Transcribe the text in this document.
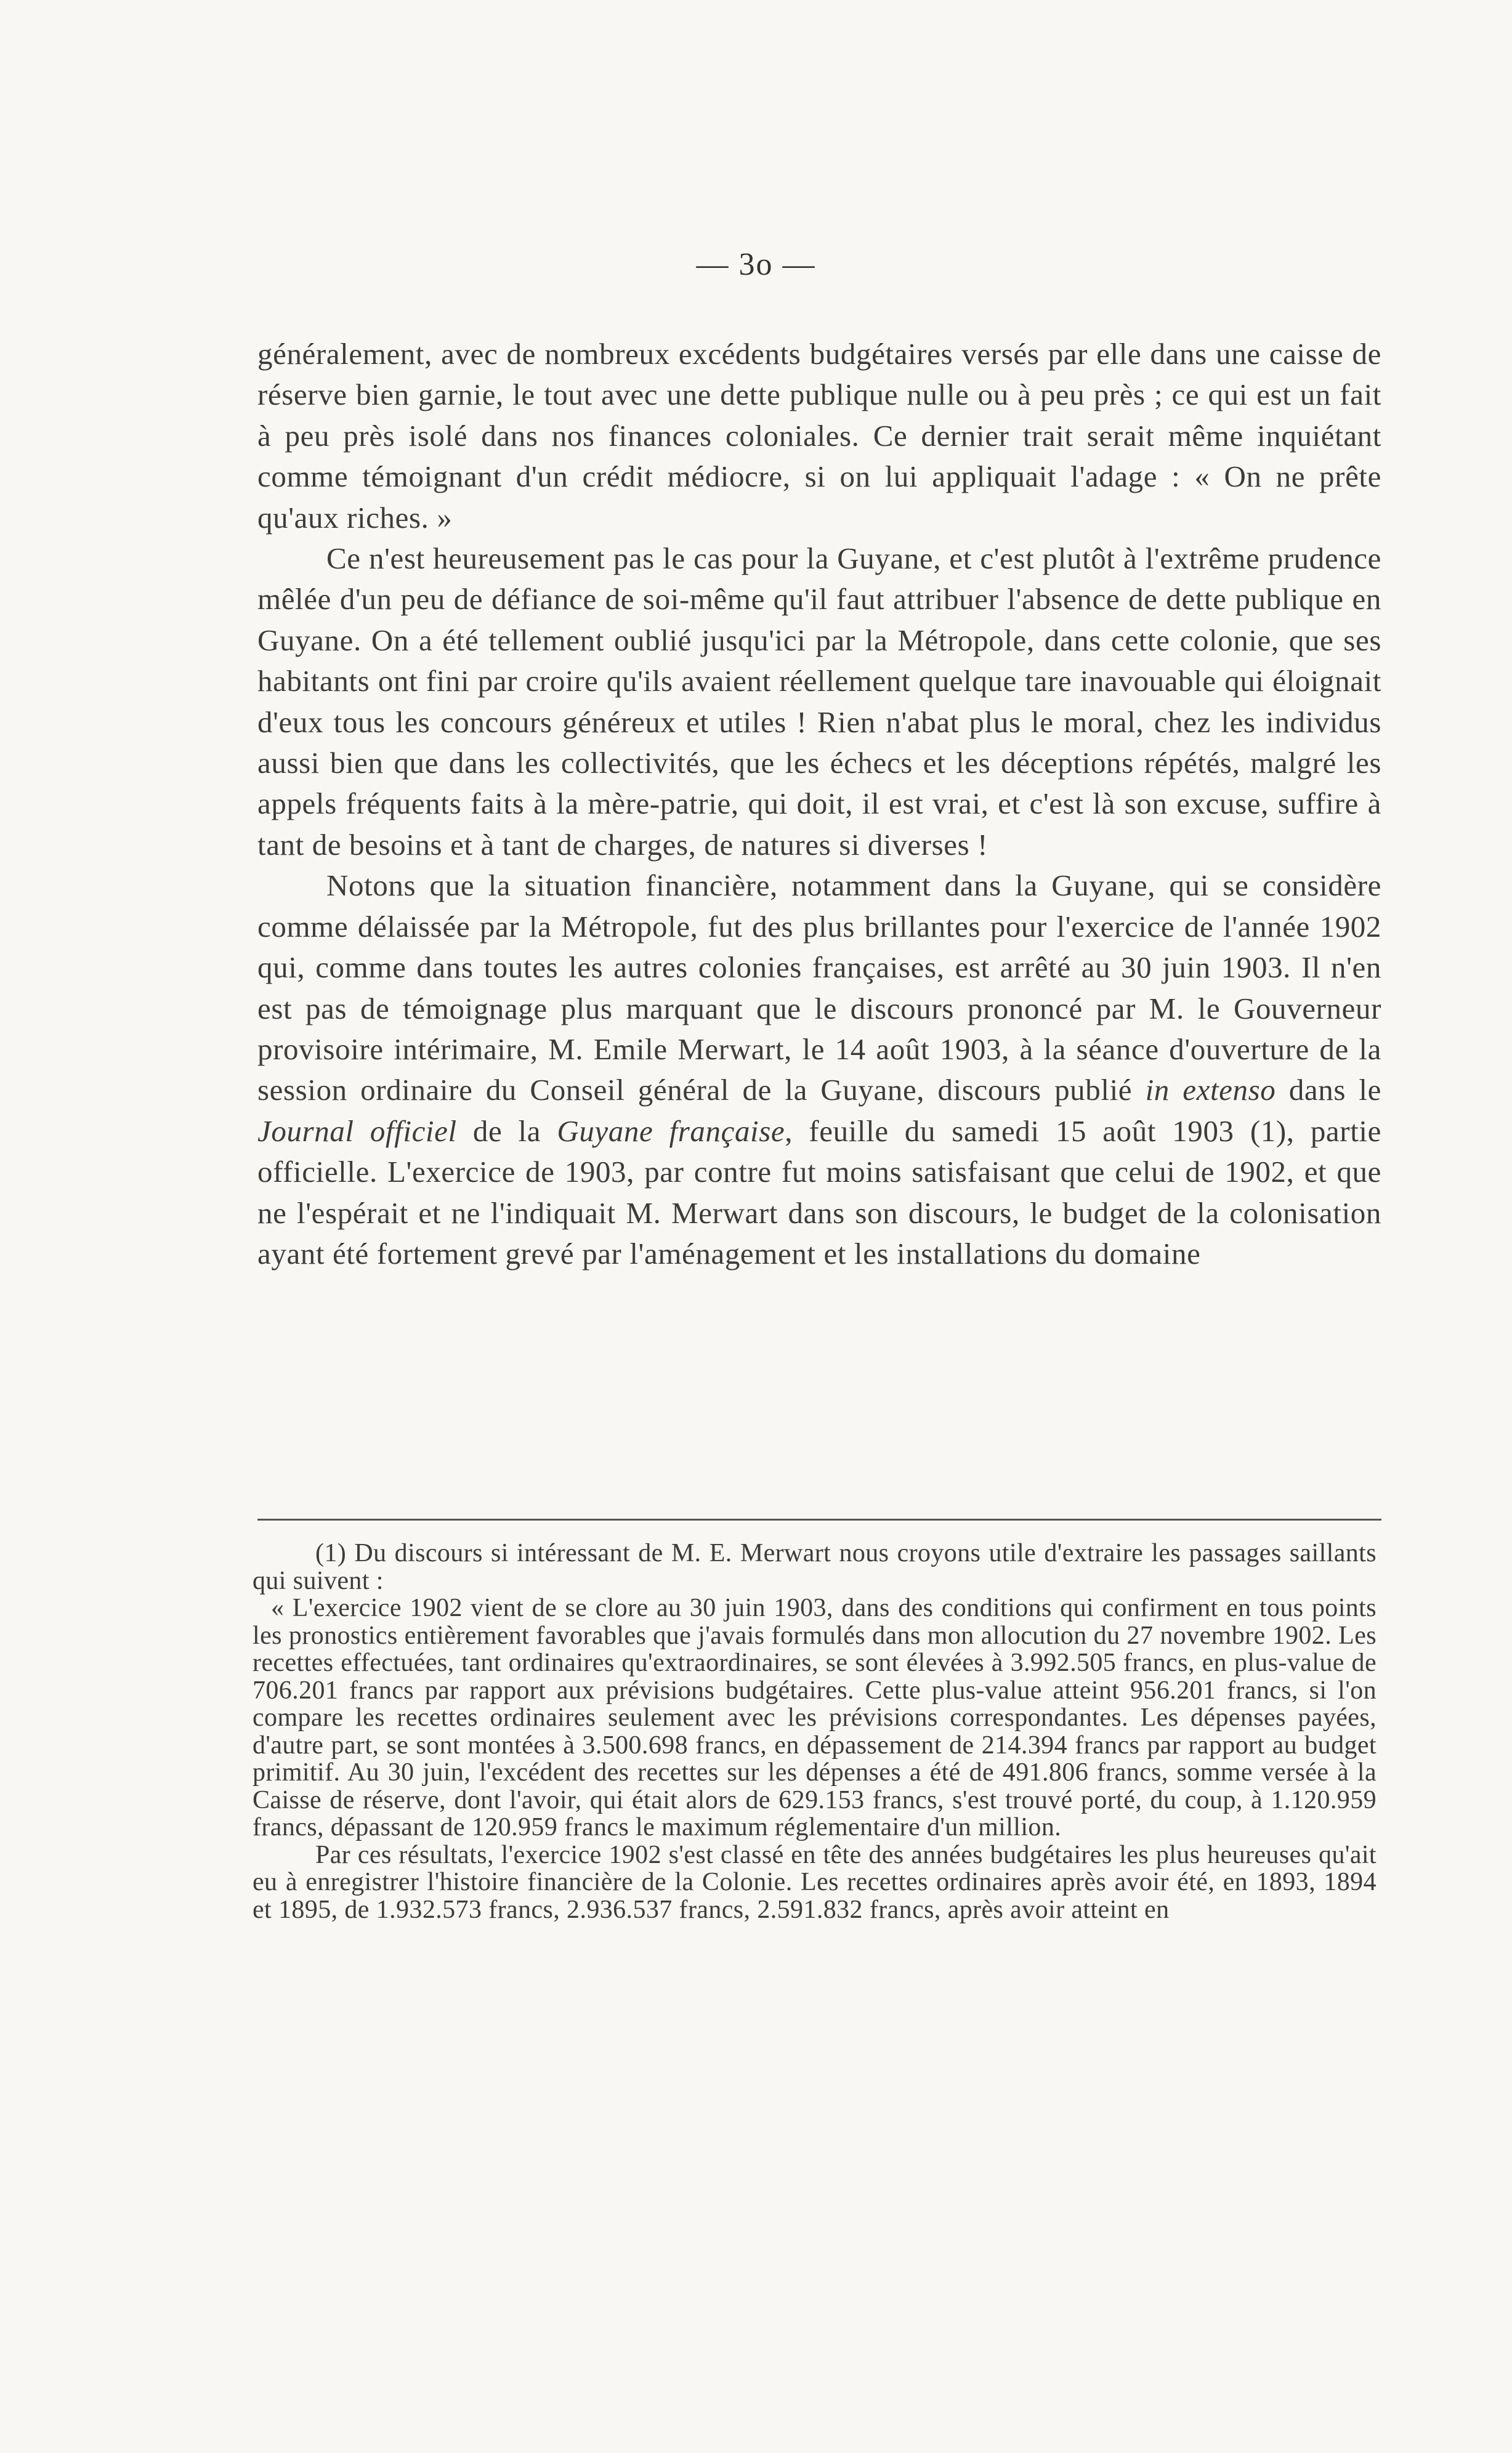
— 3o —

généralement, avec de nombreux excédents budgétaires versés par elle dans une caisse de réserve bien garnie, le tout avec une dette publique nulle ou à peu près ; ce qui est un fait à peu près isolé dans nos finances coloniales. Ce dernier trait serait même inquiétant comme témoignant d'un crédit médiocre, si on lui appliquait l'adage : « On ne prête qu'aux riches. »

Ce n'est heureusement pas le cas pour la Guyane, et c'est plutôt à l'extrême prudence mêlée d'un peu de défiance de soi-même qu'il faut attribuer l'absence de dette publique en Guyane. On a été tellement oublié jusqu'ici par la Métropole, dans cette colonie, que ses habitants ont fini par croire qu'ils avaient réellement quelque tare inavouable qui éloignait d'eux tous les concours généreux et utiles ! Rien n'abat plus le moral, chez les individus aussi bien que dans les collectivités, que les échecs et les déceptions répétés, malgré les appels fréquents faits à la mère-patrie, qui doit, il est vrai, et c'est là son excuse, suffire à tant de besoins et à tant de charges, de natures si diverses !

Notons que la situation financière, notamment dans la Guyane, qui se considère comme délaissée par la Métropole, fut des plus brillantes pour l'exercice de l'année 1902 qui, comme dans toutes les autres colonies françaises, est arrêté au 30 juin 1903. Il n'en est pas de témoignage plus marquant que le discours prononcé par M. le Gouverneur provisoire intérimaire, M. Emile Merwart, le 14 août 1903, à la séance d'ouverture de la session ordinaire du Conseil général de la Guyane, discours publié in extenso dans le Journal officiel de la Guyane française, feuille du samedi 15 août 1903 (1), partie officielle. L'exercice de 1903, par contre fut moins satisfaisant que celui de 1902, et que ne l'espérait et ne l'indiquait M. Merwart dans son discours, le budget de la colonisation ayant été fortement grevé par l'aménagement et les installations du domaine

(1) Du discours si intéressant de M. E. Merwart nous croyons utile d'extraire les passages saillants qui suivent :

« L'exercice 1902 vient de se clore au 30 juin 1903, dans des conditions qui confirment en tous points les pronostics entièrement favorables que j'avais formulés dans mon allocution du 27 novembre 1902. Les recettes effectuées, tant ordinaires qu'extraordinaires, se sont élevées à 3.992.505 francs, en plus-value de 706.201 francs par rapport aux prévisions budgétaires. Cette plus-value atteint 956.201 francs, si l'on compare les recettes ordinaires seulement avec les prévisions correspondantes. Les dépenses payées, d'autre part, se sont montées à 3.500.698 francs, en dépassement de 214.394 francs par rapport au budget primitif. Au 30 juin, l'excédent des recettes sur les dépenses a été de 491.806 francs, somme versée à la Caisse de réserve, dont l'avoir, qui était alors de 629.153 francs, s'est trouvé porté, du coup, à 1.120.959 francs, dépassant de 120.959 francs le maximum réglementaire d'un million.

Par ces résultats, l'exercice 1902 s'est classé en tête des années budgétaires les plus heureuses qu'ait eu à enregistrer l'histoire financière de la Colonie. Les recettes ordinaires après avoir été, en 1893, 1894 et 1895, de 1.932.573 francs, 2.936.537 francs, 2.591.832 francs, après avoir atteint en
